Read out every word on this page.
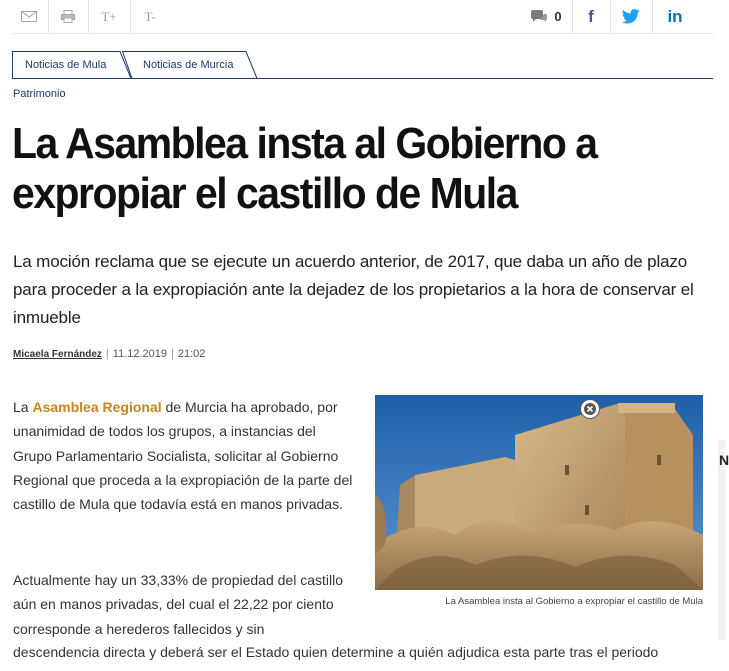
T+ T-	0 f	in
Noticias de Mula	Noticias de Murcia
Patrimonio
La Asamblea insta al Gobierno a expropiar el castillo de Mula

La moción reclama que se ejecute un acuerdo anterior, de 2017, que daba un año de plazo para proceder a la expropiación ante la dejadez de los propietarios a la hora de conservar el inmueble

Micaela Fernández | 11.12.2019 | 21:02

La Asamblea Regional de Murcia ha aprobado, por unanimidad de todos los grupos, a instancias del Grupo Parlamentario Socialista, solicitar al Gobierno Regional que proceda a la expropiación de la parte del castillo de Mula que todavía está en manos privadas.

Actualmente hay un 33,33% de propiedad del castillo aún en manos privadas, del cual el 22,22 por ciento corresponde a herederos fallecidos y sin

descendencia directa y deberá ser el Estado quien determine a quién adjudica esta parte tras el periodo
La Asamblea insta al Gobierno a expropiar el castillo de Mula
N
